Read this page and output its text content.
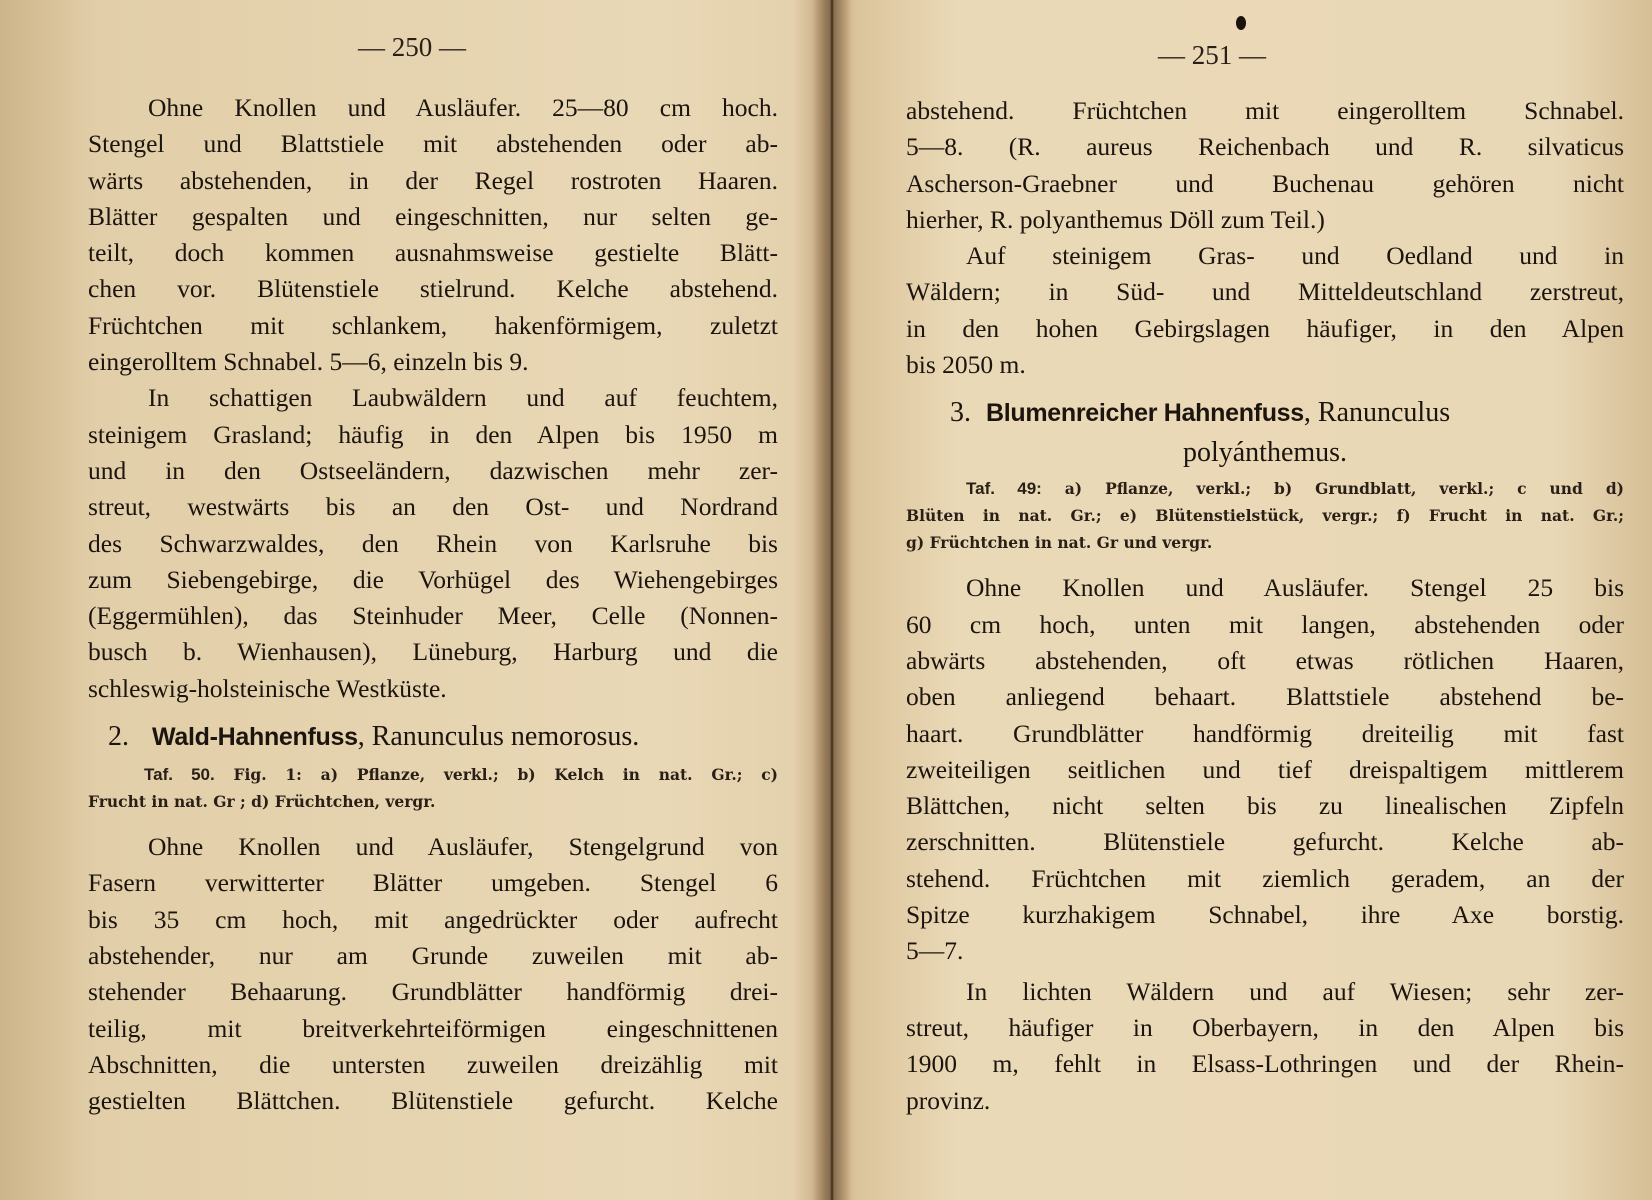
— 250 —
Ohne Knollen und Ausläufer. 25—80 cm hoch.
Stengel und Blattstiele mit abstehenden oder ab-
wärts abstehenden, in der Regel rostroten Haaren.
Blätter gespalten und eingeschnitten, nur selten ge-
teilt, doch kommen ausnahmsweise gestielte Blätt-
chen vor. Blütenstiele stielrund. Kelche abstehend.
Früchtchen mit schlankem, hakenförmigem, zuletzt
eingerolltem Schnabel. 5—6, einzeln bis 9.
In schattigen Laubwäldern und auf feuchtem,
steinigem Grasland; häufig in den Alpen bis 1950 m
und in den Ostseeländern, dazwischen mehr zer-
streut, westwärts bis an den Ost- und Nordrand
des Schwarzwaldes, den Rhein von Karlsruhe bis
zum Siebengebirge, die Vorhügel des Wiehengebirges
(Eggermühlen), das Steinhuder Meer, Celle (Nonnen-
busch b. Wienhausen), Lüneburg, Harburg und die
schleswig-holsteinische Westküste.
2. Wald-Hahnenfuss, Ranunculus nemorosus.
Taf. 50. Fig. 1: a) Pflanze, verkl.; b) Kelch in nat. Gr.; c)
Frucht in nat. Gr ; d) Früchtchen, vergr.
Ohne Knollen und Ausläufer, Stengelgrund von
Fasern verwitterter Blätter umgeben. Stengel 6
bis 35 cm hoch, mit angedrückter oder aufrecht
abstehender, nur am Grunde zuweilen mit ab-
stehender Behaarung. Grundblätter handförmig drei-
teilig, mit breitverkehrteiförmigen eingeschnittenen
Abschnitten, die untersten zuweilen dreizählig mit
gestielten Blättchen. Blütenstiele gefurcht. Kelche
— 251 —
abstehend. Früchtchen mit eingerolltem Schnabel.
5—8. (R. aureus Reichenbach und R. silvaticus
Ascherson-Graebner und Buchenau gehören nicht
hierher, R. polyanthemus Döll zum Teil.)
Auf steinigem Gras- und Oedland und in
Wäldern; in Süd- und Mitteldeutschland zerstreut,
in den hohen Gebirgslagen häufiger, in den Alpen
bis 2050 m.
3. Blumenreicher Hahnenfuss, Ranunculus
polyánthemus.
Taf. 49: a) Pflanze, verkl.; b) Grundblatt, verkl.; c und d)
Blüten in nat. Gr.; e) Blütenstielstück, vergr.; f) Frucht in nat. Gr.;
g) Früchtchen in nat. Gr und vergr.
Ohne Knollen und Ausläufer. Stengel 25 bis
60 cm hoch, unten mit langen, abstehenden oder
abwärts abstehenden, oft etwas rötlichen Haaren,
oben anliegend behaart. Blattstiele abstehend be-
haart. Grundblätter handförmig dreiteilig mit fast
zweiteiligen seitlichen und tief dreispaltigem mittlerem
Blättchen, nicht selten bis zu linealischen Zipfeln
zerschnitten. Blütenstiele gefurcht. Kelche ab-
stehend. Früchtchen mit ziemlich geradem, an der
Spitze kurzhakigem Schnabel, ihre Axe borstig.
5—7.
In lichten Wäldern und auf Wiesen; sehr zer-
streut, häufiger in Oberbayern, in den Alpen bis
1900 m, fehlt in Elsass-Lothringen und der Rhein-
provinz.
